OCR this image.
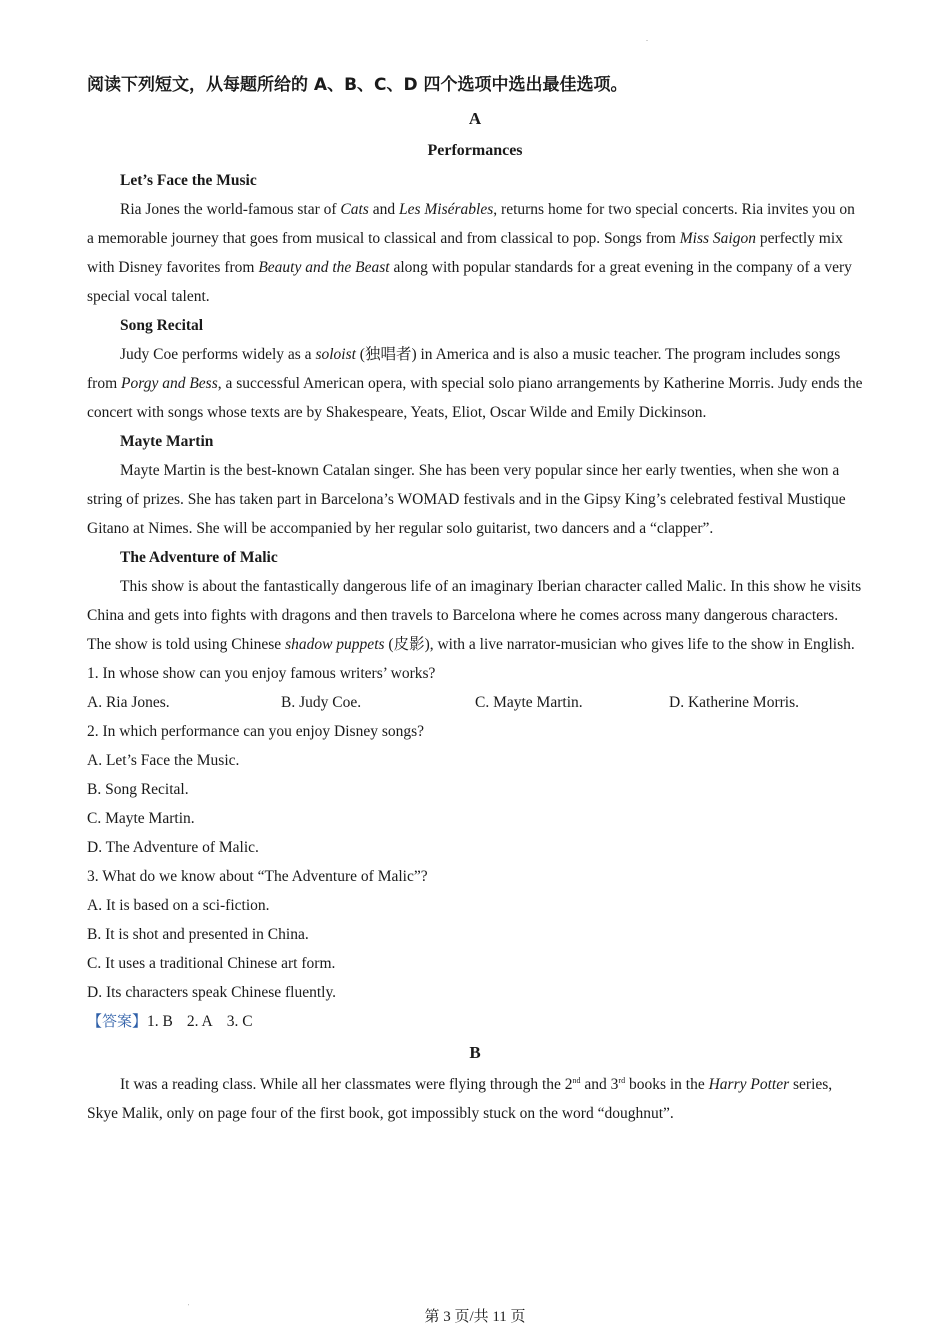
-

阅读下列短文，从每题所给的 A、B、C、D 四个选项中选出最佳选项。

A

Performances

Let’s Face the Music

Ria Jones the world-famous star of Cats and Les Misérables, returns home for two special concerts. Ria invites you on a memorable journey that goes from musical to classical and from classical to pop. Songs from Miss Saigon perfectly mix with Disney favorites from Beauty and the Beast along with popular standards for a great evening in the company of a very special vocal talent.

Song Recital

Judy Coe performs widely as a soloist (独唱者) in America and is also a music teacher. The program includes songs from Porgy and Bess, a successful American opera, with special solo piano arrangements by Katherine Morris. Judy ends the concert with songs whose texts are by Shakespeare, Yeats, Eliot, Oscar Wilde and Emily Dickinson.

Mayte Martin

Mayte Martin is the best-known Catalan singer. She has been very popular since her early twenties, when she won a string of prizes. She has taken part in Barcelona’s WOMAD festivals and in the Gipsy King’s celebrated festival Mustique Gitano at Nimes. She will be accompanied by her regular solo guitarist, two dancers and a “clapper”.

The Adventure of Malic

This show is about the fantastically dangerous life of an imaginary Iberian character called Malic. In this show he visits China and gets into fights with dragons and then travels to Barcelona where he comes across many dangerous characters. The show is told using Chinese shadow puppets (皮影), with a live narrator-musician who gives life to the show in English.

1. In whose show can you enjoy famous writers’ works?

A. Ria Jones.	B. Judy Coe.	C. Mayte Martin.	D. Katherine Morris.

2. In which performance can you enjoy Disney songs?

A. Let’s Face the Music.

B. Song Recital.

C. Mayte Martin.

D. The Adventure of Malic.

3. What do we know about “The Adventure of Malic”?

A. It is based on a sci-fiction.

B. It is shot and presented in China.

C. It uses a traditional Chinese art form.

D. Its characters speak Chinese fluently.

【答案】1. B 2. A 3. C

B

It was a reading class. While all her classmates were flying through the 2nd and 3rd books in the Harry Potter series, Skye Malik, only on page four of the first book, got impossibly stuck on the word “doughnut”.

'
第 3 页/共 11 页
